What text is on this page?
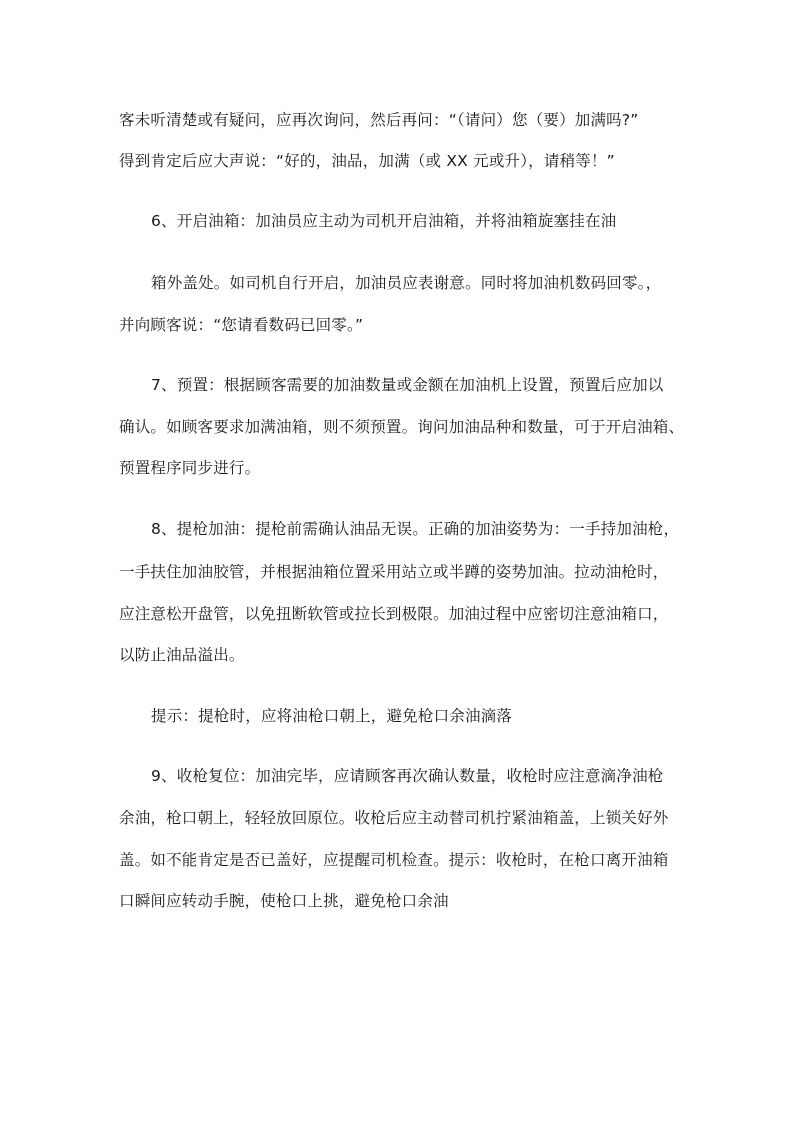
客未听清楚或有疑问，应再次询问，然后再问：“（请问）您（要）加满吗?”
得到肯定后应大声说：“好的，油品，加满（或 XX 元或升），请稍等！”
6、开启油箱：加油员应主动为司机开启油箱，并将油箱旋塞挂在油
箱外盖处。如司机自行开启，加油员应表谢意。同时将加油机数码回零。，
并向顾客说：“您请看数码已回零。”
7、预置：根据顾客需要的加油数量或金额在加油机上设置，预置后应加以
确认。如顾客要求加满油箱，则不须预置。询问加油品种和数量，可于开启油箱、
预置程序同步进行。
8、提枪加油：提枪前需确认油品无误。正确的加油姿势为：一手持加油枪，
一手扶住加油胶管，并根据油箱位置采用站立或半蹲的姿势加油。拉动油枪时，
应注意松开盘管，以免扭断软管或拉长到极限。加油过程中应密切注意油箱口，
以防止油品溢出。
提示：提枪时，应将油枪口朝上，避免枪口余油滴落
9、收枪复位：加油完毕，应请顾客再次确认数量，收枪时应注意滴净油枪
余油，枪口朝上，轻轻放回原位。收枪后应主动替司机拧紧油箱盖，上锁关好外
盖。如不能肯定是否已盖好，应提醒司机检查。提示：收枪时，在枪口离开油箱
口瞬间应转动手腕，使枪口上挑，避免枪口余油
